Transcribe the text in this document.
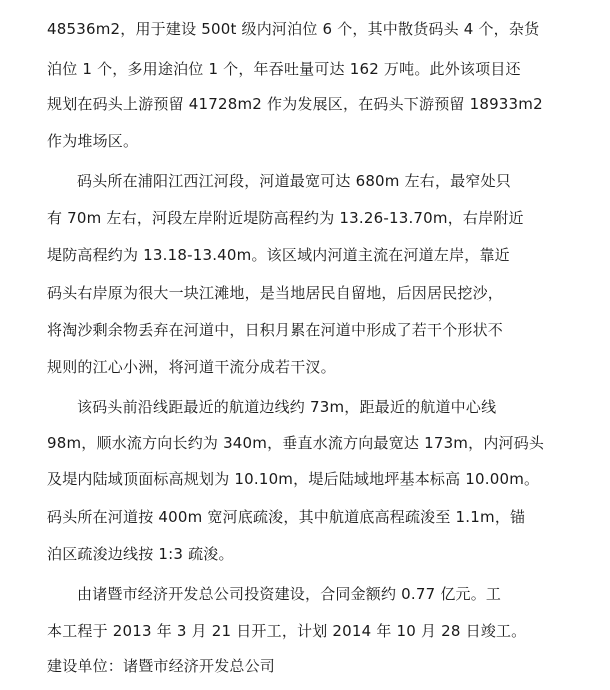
48536m2，用于建设 500t 级内河泊位 6 个，其中散货码头 4 个，杂货
泊位 1 个，多用途泊位 1 个，年吞吐量可达 162 万吨。此外该项目还
规划在码头上游预留 41728m2 作为发展区，在码头下游预留 18933m2
作为堆场区。
码头所在浦阳江西江河段，河道最宽可达 680m 左右，最窄处只
有 70m 左右，河段左岸附近堤防高程约为 13.26-13.70m，右岸附近
堤防高程约为 13.18-13.40m。该区域内河道主流在河道左岸，靠近
码头右岸原为很大一块江滩地，是当地居民自留地，后因居民挖沙，
将淘沙剩余物丢弃在河道中，日积月累在河道中形成了若干个形状不
规则的江心小洲，将河道干流分成若干汊。
该码头前沿线距最近的航道边线约 73m，距最近的航道中心线
98m，顺水流方向长约为 340m，垂直水流方向最宽达 173m，内河码头
及堤内陆域顶面标高规划为 10.10m，堤后陆域地坪基本标高 10.00m。
码头所在河道按 400m 宽河底疏浚，其中航道底高程疏浚至 1.1m，锚
泊区疏浚边线按 1:3 疏浚。
由诸暨市经济开发总公司投资建设，合同金额约 0.77 亿元。工
本工程于 2013 年 3 月 21 日开工，计划 2014 年 10 月 28 日竣工。
建设单位：诸暨市经济开发总公司
